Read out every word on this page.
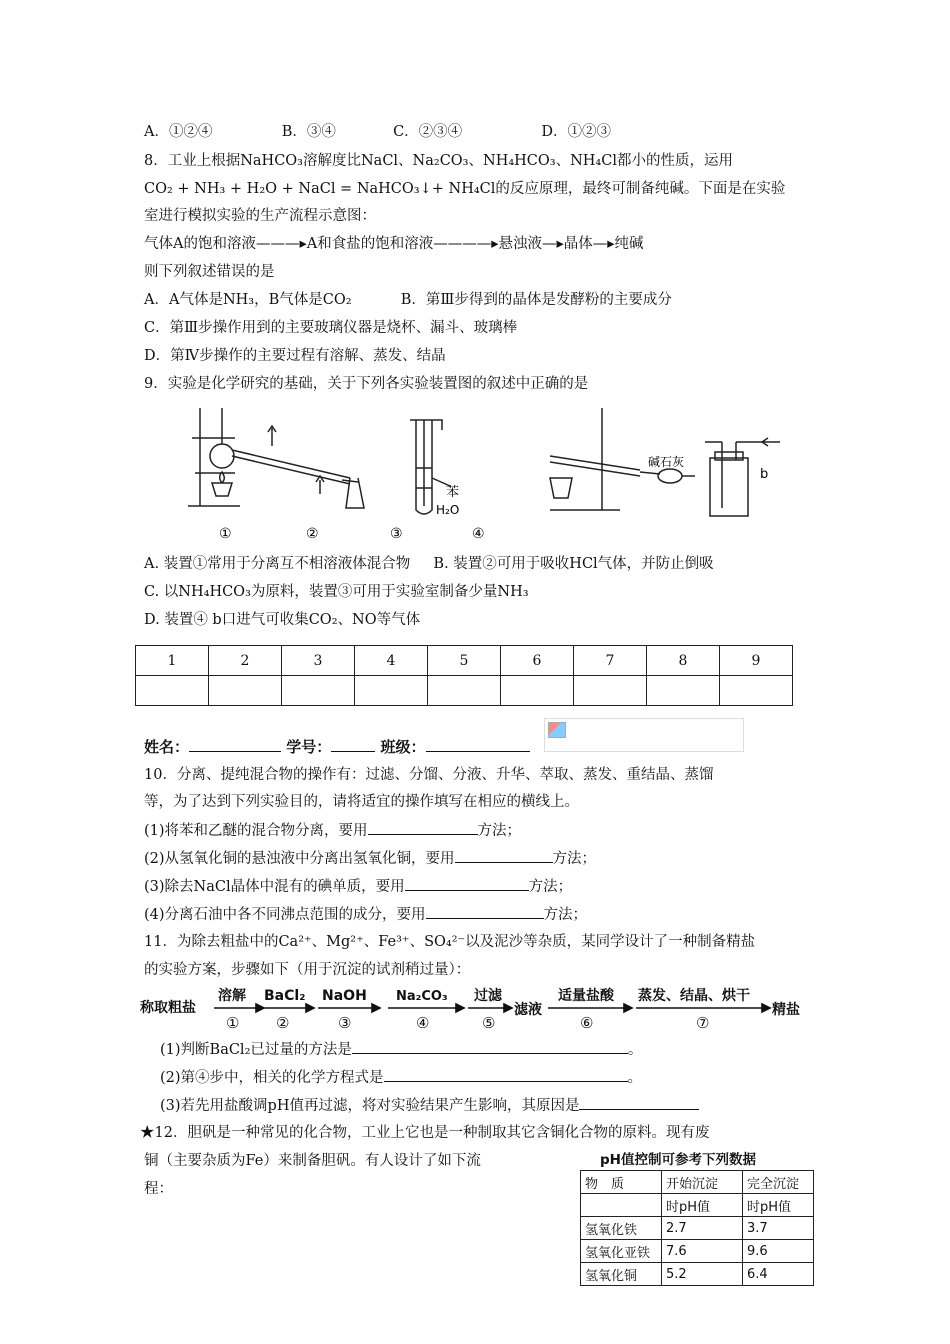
A．①②④	B．③④	C．②③④	D．①②③
8．工业上根据NaHCO₃溶解度比NaCl、Na₂CO₃、NH₄HCO₃、NH₄Cl都小的性质，运用
CO₂ + NH₃ + H₂O + NaCl = NaHCO₃↓+ NH₄Cl的反应原理，最终可制备纯碱。下面是在实验
室进行模拟实验的生产流程示意图：
气体A的饱和溶液———▸A和食盐的饱和溶液————▸悬浊液—▸晶体—▸纯碱
则下列叙述错误的是
A．A气体是NH₃，B气体是CO₂	B．第Ⅲ步得到的晶体是发酵粉的主要成分
C．第Ⅲ步操作用到的主要玻璃仪器是烧杯、漏斗、玻璃棒
D．第Ⅳ步操作的主要过程有溶解、蒸发、结晶
9．实验是化学研究的基础，关于下列各实验装置图的叙述中正确的是
苯
H₂O
碱石灰
b
①	②	③	④
A. 装置①常用于分离互不相溶液体混合物 B. 装置②可用于吸收HCl气体，并防止倒吸
C. 以NH₄HCO₃为原料，装置③可用于实验室制备少量NH₃
D. 装置④ b口进气可收集CO₂、NO等气体
1	2	3	4	5	6	7	8	9

姓名：	学号：	班级：
10．分离、提纯混合物的操作有：过滤、分馏、分液、升华、萃取、蒸发、重结晶、蒸馏
等，为了达到下列实验目的，请将适宜的操作填写在相应的横线上。
(1)将苯和乙醚的混合物分离，要用	方法；
(2)从氢氧化铜的悬浊液中分离出氢氧化铜，要用	方法；
(3)除去NaCl晶体中混有的碘单质，要用	方法；
(4)分离石油中各不同沸点范围的成分，要用	方法；
11．为除去粗盐中的Ca²⁺、Mg²⁺、Fe³⁺、SO₄²⁻以及泥沙等杂质，某同学设计了一种制备精盐
的实验方案，步骤如下（用于沉淀的试剂稍过量）：
称取粗盐
溶解 BaCl₂ NaOH Na₂CO₃ 过滤
滤液
适量盐酸 蒸发、结晶、烘干
精盐
① ②	③	④	⑤	⑥	⑦
(1)判断BaCl₂已过量的方法是	。
(2)第④步中，相关的化学方程式是	。
(3)若先用盐酸调pH值再过滤，将对实验结果产生影响，其原因是
★12．胆矾是一种常见的化合物，工业上它也是一种制取其它含铜化合物的原料。现有废
铜（主要杂质为Fe）来制备胆矾。有人设计了如下流
程：
pH值控制可参考下列数据
物　质	开始沉淀	完全沉淀
	时pH值	时pH值
氢氧化铁	2.7	3.7
氢氧化亚铁	7.6	9.6
氢氧化铜	5.2	6.4
